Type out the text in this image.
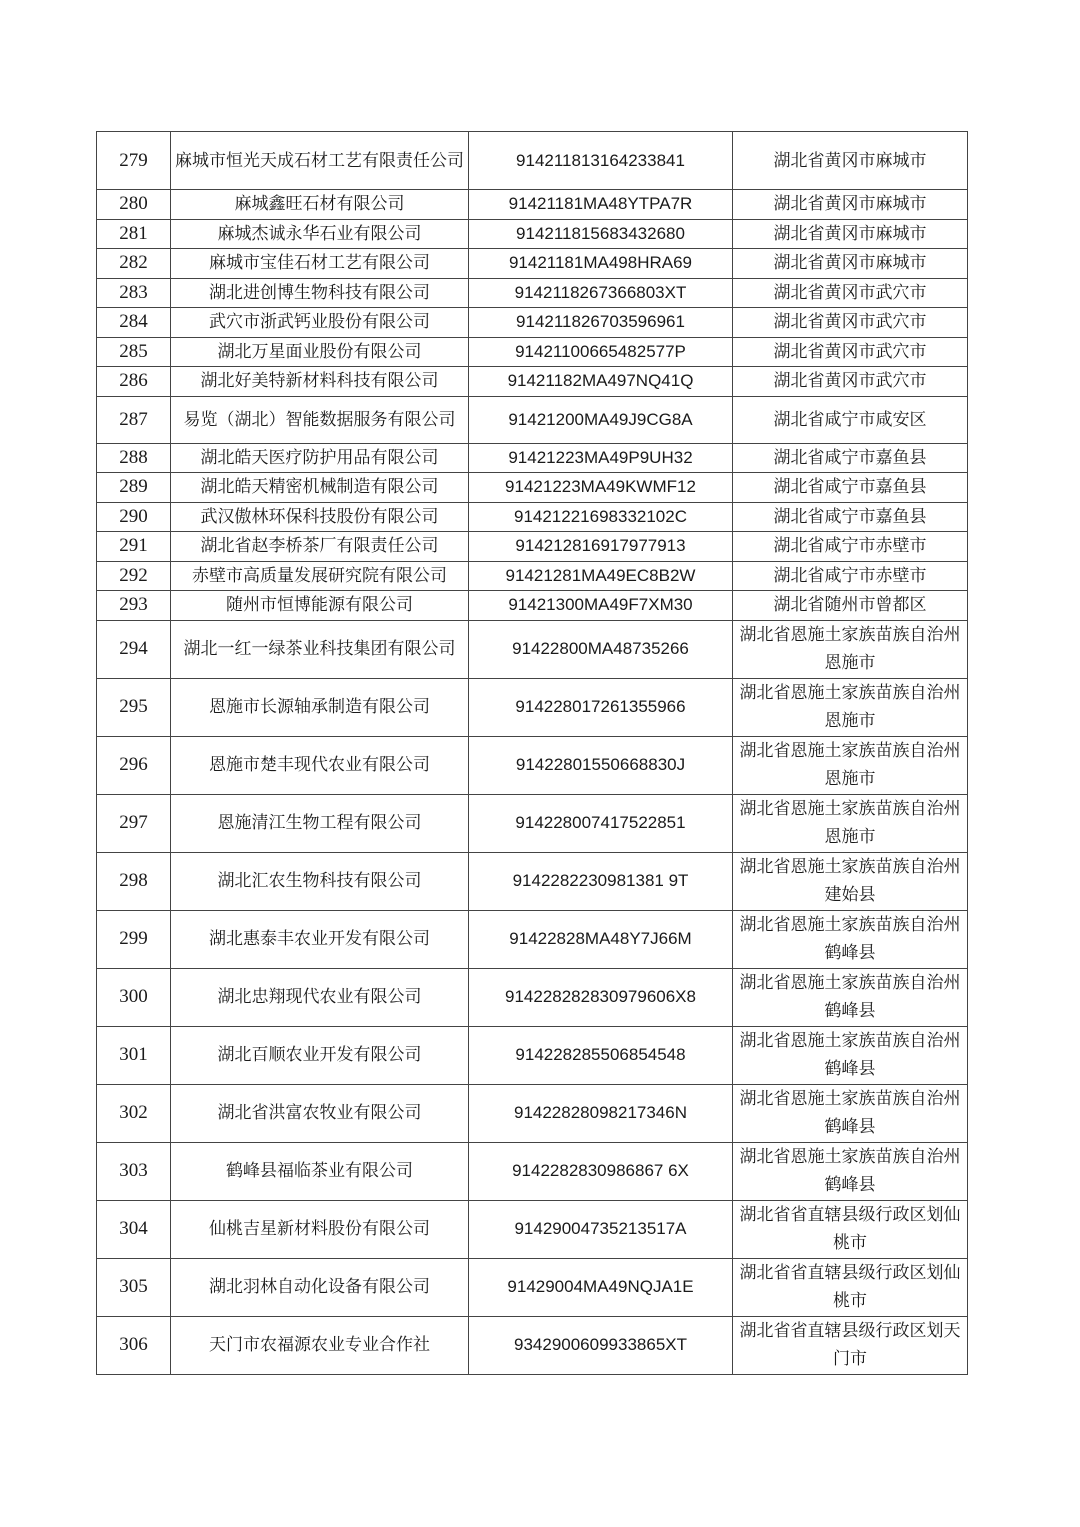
279	麻城市恒光天成石材工艺有限责任公司	914211813164233841	湖北省黄冈市麻城市
280	麻城鑫旺石材有限公司	91421181MA48YTPA7R	湖北省黄冈市麻城市
281	麻城杰诚永华石业有限公司	914211815683432680	湖北省黄冈市麻城市
282	麻城市宝佳石材工艺有限公司	91421181MA498HRA69	湖北省黄冈市麻城市
283	湖北进创博生物科技有限公司	9142118267366803XT	湖北省黄冈市武穴市
284	武穴市浙武钙业股份有限公司	914211826703596961	湖北省黄冈市武穴市
285	湖北万星面业股份有限公司	91421100665482577P	湖北省黄冈市武穴市
286	湖北好美特新材料科技有限公司	91421182MA497NQ41Q	湖北省黄冈市武穴市
287	易览（湖北）智能数据服务有限公司	91421200MA49J9CG8A	湖北省咸宁市咸安区
288	湖北皓天医疗防护用品有限公司	91421223MA49P9UH32	湖北省咸宁市嘉鱼县
289	湖北皓天精密机械制造有限公司	91421223MA49KWMF12	湖北省咸宁市嘉鱼县
290	武汉傲林环保科技股份有限公司	91421221698332102C	湖北省咸宁市嘉鱼县
291	湖北省赵李桥茶厂有限责任公司	914212816917977913	湖北省咸宁市赤壁市
292	赤壁市高质量发展研究院有限公司	91421281MA49EC8B2W	湖北省咸宁市赤壁市
293	随州市恒博能源有限公司	91421300MA49F7XM30	湖北省随州市曾都区
294	湖北一红一绿茶业科技集团有限公司	91422800MA48735266	湖北省恩施土家族苗族自治州恩施市
295	恩施市长源轴承制造有限公司	914228017261355966	湖北省恩施土家族苗族自治州恩施市
296	恩施市楚丰现代农业有限公司	91422801550668830J	湖北省恩施土家族苗族自治州恩施市
297	恩施清江生物工程有限公司	914228007417522851	湖北省恩施土家族苗族自治州恩施市
298	湖北汇农生物科技有限公司	9142282230981381 9T	湖北省恩施土家族苗族自治州建始县
299	湖北惠泰丰农业开发有限公司	91422828MA48Y7J66M	湖北省恩施土家族苗族自治州鹤峰县
300	湖北忠翔现代农业有限公司	914228282830979606X8	湖北省恩施土家族苗族自治州鹤峰县
301	湖北百顺农业开发有限公司	914228285506854548	湖北省恩施土家族苗族自治州鹤峰县
302	湖北省洪富农牧业有限公司	91422828098217346N	湖北省恩施土家族苗族自治州鹤峰县
303	鹤峰县福临茶业有限公司	9142282830986867 6X	湖北省恩施土家族苗族自治州鹤峰县
304	仙桃吉星新材料股份有限公司	91429004735213517A	湖北省省直辖县级行政区划仙桃市
305	湖北羽林自动化设备有限公司	91429004MA49NQJA1E	湖北省省直辖县级行政区划仙桃市
306	天门市农福源农业专业合作社	9342900609933865XT	湖北省省直辖县级行政区划天门市
